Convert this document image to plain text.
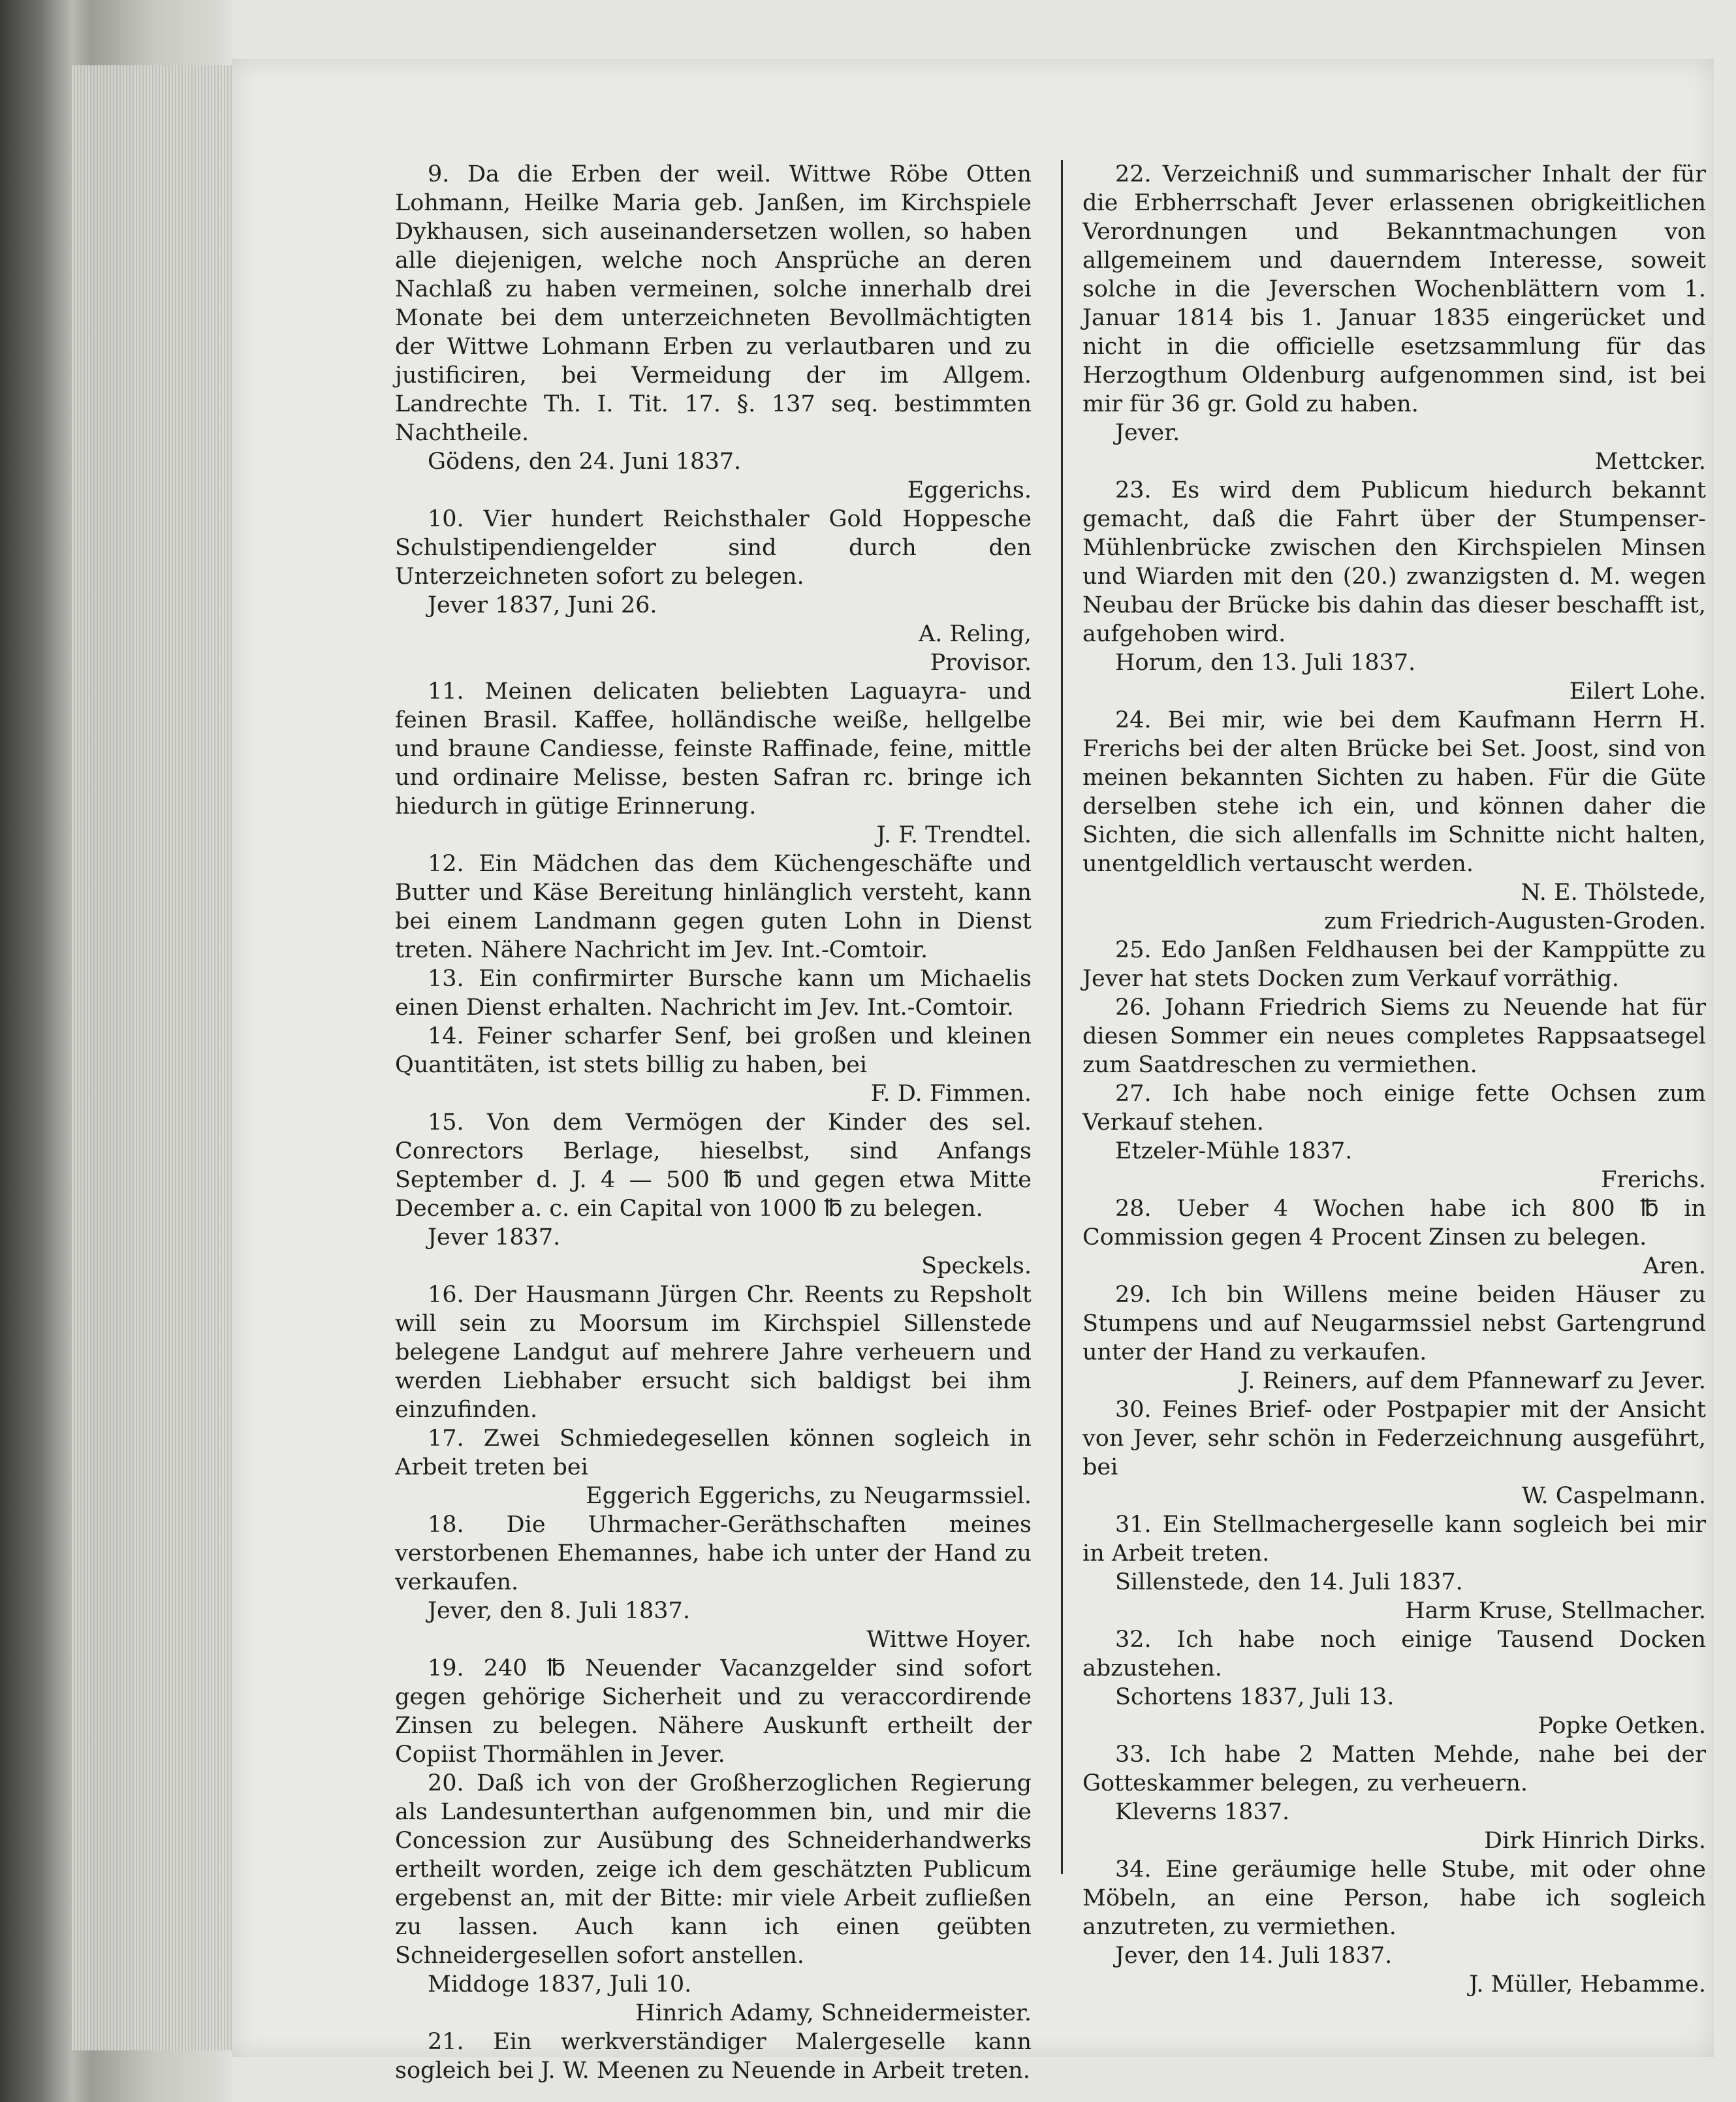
9. Da die Erben der weil. Wittwe Röbe Otten Lohmann, Heilke Maria geb. Janßen, im Kirchspiele Dykhausen, sich auseinandersetzen wollen, so haben alle diejenigen, welche noch Ansprüche an deren Nachlaß zu haben vermeinen, solche innerhalb drei Monate bei dem unterzeichneten Bevollmächtigten der Wittwe Lohmann Erben zu verlautbaren und zu justificiren, bei Vermeidung der im Allgem. Landrechte Th. I. Tit. 17. §. 137 seq. bestimmten Nachtheile.

Gödens, den 24. Juni 1837.

Eggerichs.

10. Vier hundert Reichsthaler Gold Hoppesche Schulstipendiengelder sind durch den Unterzeichneten sofort zu belegen.

Jever 1837, Juni 26.

A. Reling,

Provisor.

11. Meinen delicaten beliebten Laguayra- und feinen Brasil. Kaffee, holländische weiße, hellgelbe und braune Candiesse, feinste Raffinade, feine, mittle und ordinaire Melisse, besten Safran rc. bringe ich hiedurch in gütige Erinnerung.

J. F. Trendtel.

12. Ein Mädchen das dem Küchengeschäfte und Butter und Käse Bereitung hinlänglich versteht, kann bei einem Landmann gegen guten Lohn in Dienst treten. Nähere Nachricht im Jev. Int.-Comtoir.

13. Ein confirmirter Bursche kann um Michaelis einen Dienst erhalten. Nachricht im Jev. Int.-Comtoir.

14. Feiner scharfer Senf, bei großen und kleinen Quantitäten, ist stets billig zu haben, bei

F. D. Fimmen.

15. Von dem Vermögen der Kinder des sel. Conrectors Berlage, hieselbst, sind Anfangs September d. J. 4 — 500 ℔ und gegen etwa Mitte December a. c. ein Capital von 1000 ℔ zu belegen.

Jever 1837.

Speckels.

16. Der Hausmann Jürgen Chr. Reents zu Repsholt will sein zu Moorsum im Kirchspiel Sillenstede belegene Landgut auf mehrere Jahre verheuern und werden Liebhaber ersucht sich baldigst bei ihm einzufinden.

17. Zwei Schmiedegesellen können sogleich in Arbeit treten bei

Eggerich Eggerichs, zu Neugarmssiel.

18. Die Uhrmacher-Geräthschaften meines verstorbenen Ehemannes, habe ich unter der Hand zu verkaufen.

Jever, den 8. Juli 1837.

Wittwe Hoyer.

19. 240 ℔ Neuender Vacanzgelder sind sofort gegen gehörige Sicherheit und zu veraccordirende Zinsen zu belegen. Nähere Auskunft ertheilt der Copiist Thormählen in Jever.

20. Daß ich von der Großherzoglichen Regierung als Landesunterthan aufgenommen bin, und mir die Concession zur Ausübung des Schneiderhandwerks ertheilt worden, zeige ich dem geschätzten Publicum ergebenst an, mit der Bitte: mir viele Arbeit zufließen zu lassen. Auch kann ich einen geübten Schneidergesellen sofort anstellen.

Middoge 1837, Juli 10.

Hinrich Adamy, Schneidermeister.

21. Ein werkverständiger Malergeselle kann sogleich bei J. W. Meenen zu Neuende in Arbeit treten.

22. Verzeichniß und summarischer Inhalt der für die Erbherrschaft Jever erlassenen obrigkeitlichen Verordnungen und Bekanntmachungen von allgemeinem und dauerndem Interesse, soweit solche in die Jeverschen Wochenblättern vom 1. Januar 1814 bis 1. Januar 1835 eingerücket und nicht in die officielle esetzsammlung für das Herzogthum Oldenburg aufgenommen sind, ist bei mir für 36 gr. Gold zu haben.

Jever.

Mettcker.

23. Es wird dem Publicum hiedurch bekannt gemacht, daß die Fahrt über der Stumpenser-Mühlenbrücke zwischen den Kirchspielen Minsen und Wiarden mit den (20.) zwanzigsten d. M. wegen Neubau der Brücke bis dahin das dieser beschafft ist, aufgehoben wird.

Horum, den 13. Juli 1837.

Eilert Lohe.

24. Bei mir, wie bei dem Kaufmann Herrn H. Frerichs bei der alten Brücke bei Set. Joost, sind von meinen bekannten Sichten zu haben. Für die Güte derselben stehe ich ein, und können daher die Sichten, die sich allenfalls im Schnitte nicht halten, unentgeldlich vertauscht werden.

N. E. Thölstede,

zum Friedrich-Augusten-Groden.

25. Edo Janßen Feldhausen bei der Kamppütte zu Jever hat stets Docken zum Verkauf vorräthig.

26. Johann Friedrich Siems zu Neuende hat für diesen Sommer ein neues completes Rappsaatsegel zum Saatdreschen zu vermiethen.

27. Ich habe noch einige fette Ochsen zum Verkauf stehen.

Etzeler-Mühle 1837.

Frerichs.

28. Ueber 4 Wochen habe ich 800 ℔ in Commission gegen 4 Procent Zinsen zu belegen.

Aren.

29. Ich bin Willens meine beiden Häuser zu Stumpens und auf Neugarmssiel nebst Gartengrund unter der Hand zu verkaufen.

J. Reiners, auf dem Pfannewarf zu Jever.

30. Feines Brief- oder Postpapier mit der Ansicht von Jever, sehr schön in Federzeichnung ausgeführt, bei

W. Caspelmann.

31. Ein Stellmachergeselle kann sogleich bei mir in Arbeit treten.

Sillenstede, den 14. Juli 1837.

Harm Kruse, Stellmacher.

32. Ich habe noch einige Tausend Docken abzustehen.

Schortens 1837, Juli 13.

Popke Oetken.

33. Ich habe 2 Matten Mehde, nahe bei der Gotteskammer belegen, zu verheuern.

Kleverns 1837.

Dirk Hinrich Dirks.

34. Eine geräumige helle Stube, mit oder ohne Möbeln, an eine Person, habe ich sogleich anzutreten, zu vermiethen.

Jever, den 14. Juli 1837.

J. Müller, Hebamme.
